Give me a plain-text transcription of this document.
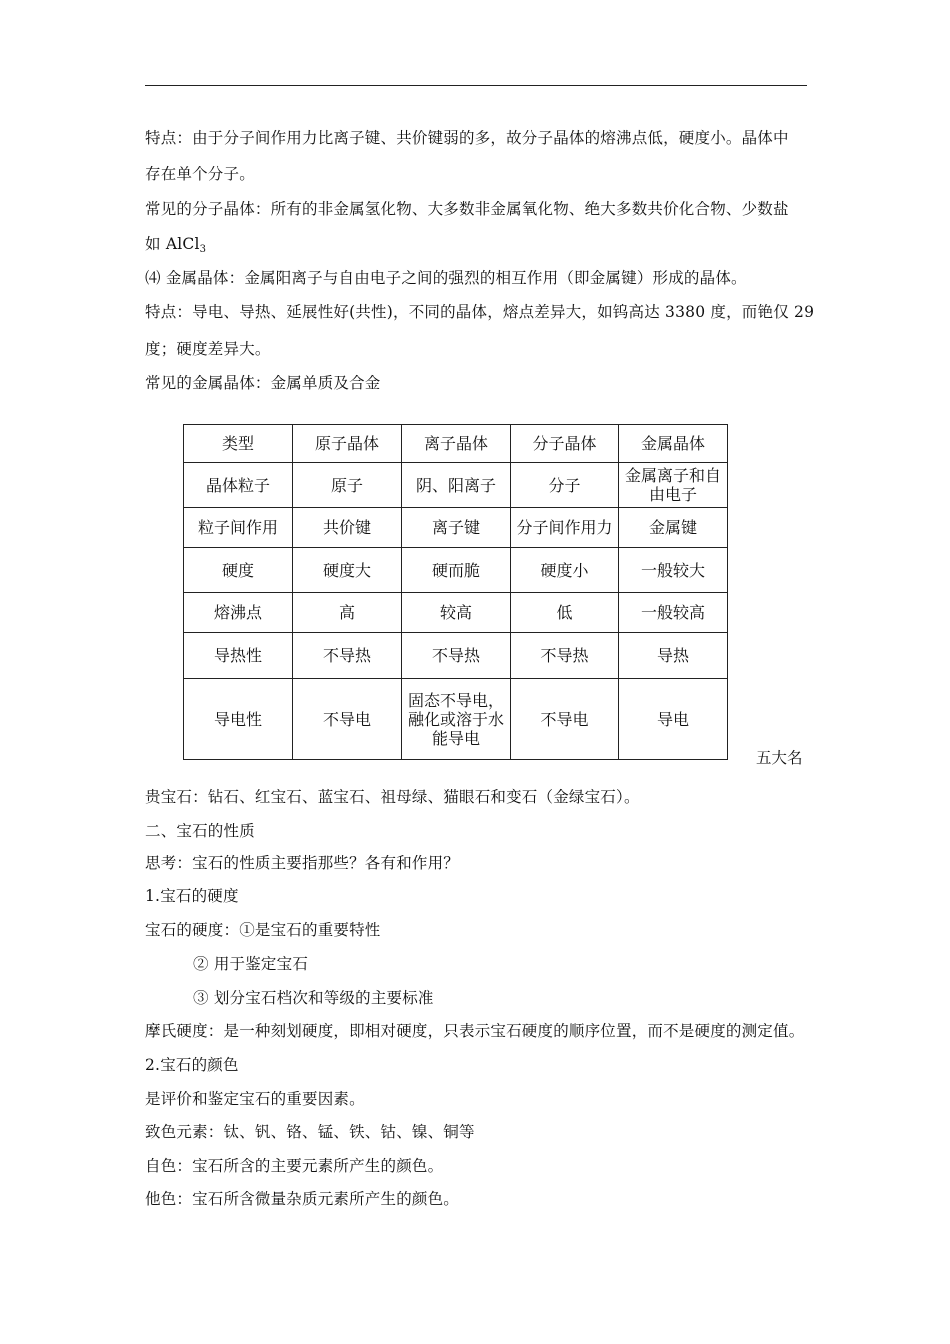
特点：由于分子间作用力比离子键、共价键弱的多，故分子晶体的熔沸点低，硬度小。晶体中
存在单个分子。
常见的分子晶体：所有的非金属氢化物、大多数非金属氧化物、绝大多数共价化合物、少数盐
如 AlCl$_3$
⑷ 金属晶体：金属阳离子与自由电子之间的强烈的相互作用（即金属键）形成的晶体。
特点：导电、导热、延展性好(共性)，不同的晶体，熔点差异大，如钨高达 3380 度，而铯仅 29
度；硬度差异大。
常见的金属晶体：金属单质及合金
类型	原子晶体	离子晶体	分子晶体	金属晶体
晶体粒子	原子	阴、阳离子	分子	金属离子和自由电子
粒子间作用	共价键	离子键	分子间作用力	金属键
硬度	硬度大	硬而脆	硬度小	一般较大
熔沸点	高	较高	低	一般较高
导热性	不导热	不导热	不导热	导热
导电性	不导电	固态不导电，融化或溶于水能导电	不导电	导电
五大名
贵宝石：钻石、红宝石、蓝宝石、祖母绿、猫眼石和变石（金绿宝石）。
二、宝石的性质
思考：宝石的性质主要指那些？各有和作用？
1.宝石的硬度
宝石的硬度：①是宝石的重要特性
② 用于鉴定宝石
③ 划分宝石档次和等级的主要标准
摩氏硬度：是一种刻划硬度，即相对硬度，只表示宝石硬度的顺序位置，而不是硬度的测定值。
2.宝石的颜色
是评价和鉴定宝石的重要因素。
致色元素：钛、钒、铬、锰、铁、钴、镍、铜等
自色：宝石所含的主要元素所产生的颜色。
他色：宝石所含微量杂质元素所产生的颜色。
